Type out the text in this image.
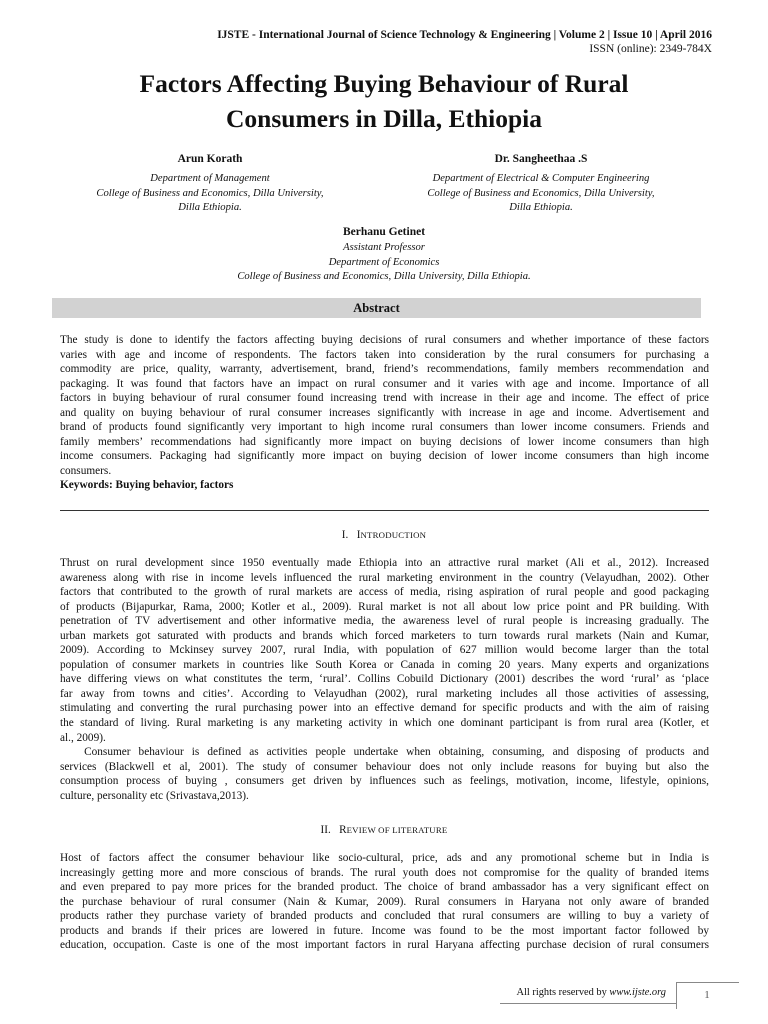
IJSTE - International Journal of Science Technology & Engineering | Volume 2 | Issue 10 | April 2016
ISSN (online): 2349-784X
Factors Affecting Buying Behaviour of Rural
Consumers in Dilla, Ethiopia
Arun Korath
Department of Management
College of Business and Economics, Dilla University,
Dilla Ethiopia.
Dr. Sangheethaa .S
Department of Electrical & Computer Engineering
College of Business and Economics, Dilla University,
Dilla Ethiopia.
Berhanu Getinet
Assistant Professor
Department of Economics
College of Business and Economics, Dilla University, Dilla Ethiopia.
Abstract
The study is done to identify the factors affecting buying decisions of rural consumers and whether importance of these factors
varies with age and income of respondents. The factors taken into consideration by the rural consumers for purchasing a
commodity are price, quality, warranty, advertisement, brand, friend’s recommendations, family members recommendation and
packaging. It was found that factors have an impact on rural consumer and it varies with age and income. Importance of all
factors in buying behaviour of rural consumer found increasing trend with increase in their age and income. The effect of price
and quality on buying behaviour of rural consumer increases significantly with increase in age and income. Advertisement and
brand of products found significantly very important to high income rural consumers than lower income consumers. Friends and
family members’ recommendations had significantly more impact on buying decisions of lower income consumers than high
income consumers. Packaging had significantly more impact on buying decision of lower income consumers than high income
consumers.
Keywords: Buying behavior, factors
I. INTRODUCTION
Thrust on rural development since 1950 eventually made Ethiopia into an attractive rural market (Ali et al., 2012). Increased
awareness along with rise in income levels influenced the rural marketing environment in the country (Velayudhan, 2002). Other
factors that contributed to the growth of rural markets are access of media, rising aspiration of rural people and good packaging
of products (Bijapurkar, Rama, 2000; Kotler et al., 2009). Rural market is not all about low price point and PR building. With
penetration of TV advertisement and other informative media, the awareness level of rural people is increasing gradually. The
urban markets got saturated with products and brands which forced marketers to turn towards rural markets (Nain and Kumar,
2009). According to Mckinsey survey 2007, rural India, with population of 627 million would become larger than the total
population of consumer markets in countries like South Korea or Canada in coming 20 years. Many experts and organizations
have differing views on what constitutes the term, ‘rural’. Collins Cobuild Dictionary (2001) describes the word ‘rural’ as ‘place
far away from towns and cities’. According to Velayudhan (2002), rural marketing includes all those activities of assessing,
stimulating and converting the rural purchasing power into an effective demand for specific products and with the aim of raising
the standard of living. Rural marketing is any marketing activity in which one dominant participant is from rural area (Kotler, et
al., 2009).
Consumer behaviour is defined as activities people undertake when obtaining, consuming, and disposing of products and
services (Blackwell et al, 2001). The study of consumer behaviour does not only include reasons for buying but also the
consumption process of buying , consumers get driven by influences such as feelings, motivation, income, lifestyle, opinions,
culture, personality etc (Srivastava,2013).
II. REVIEW OF LITERATURE
Host of factors affect the consumer behaviour like socio-cultural, price, ads and any promotional scheme but in India is
increasingly getting more and more conscious of brands. The rural youth does not compromise for the quality of branded items
and even prepared to pay more prices for the branded product. The choice of brand ambassador has a very significant effect on
the purchase behaviour of rural consumer (Nain & Kumar, 2009). Rural consumers in Haryana not only aware of branded
products rather they purchase variety of branded products and concluded that rural consumers are willing to buy a variety of
products and brands if their prices are lowered in future. Income was found to be the most important factor followed by
education, occupation. Caste is one of the most important factors in rural Haryana affecting purchase decision of rural consumers
All rights reserved by www.ijste.org	1
